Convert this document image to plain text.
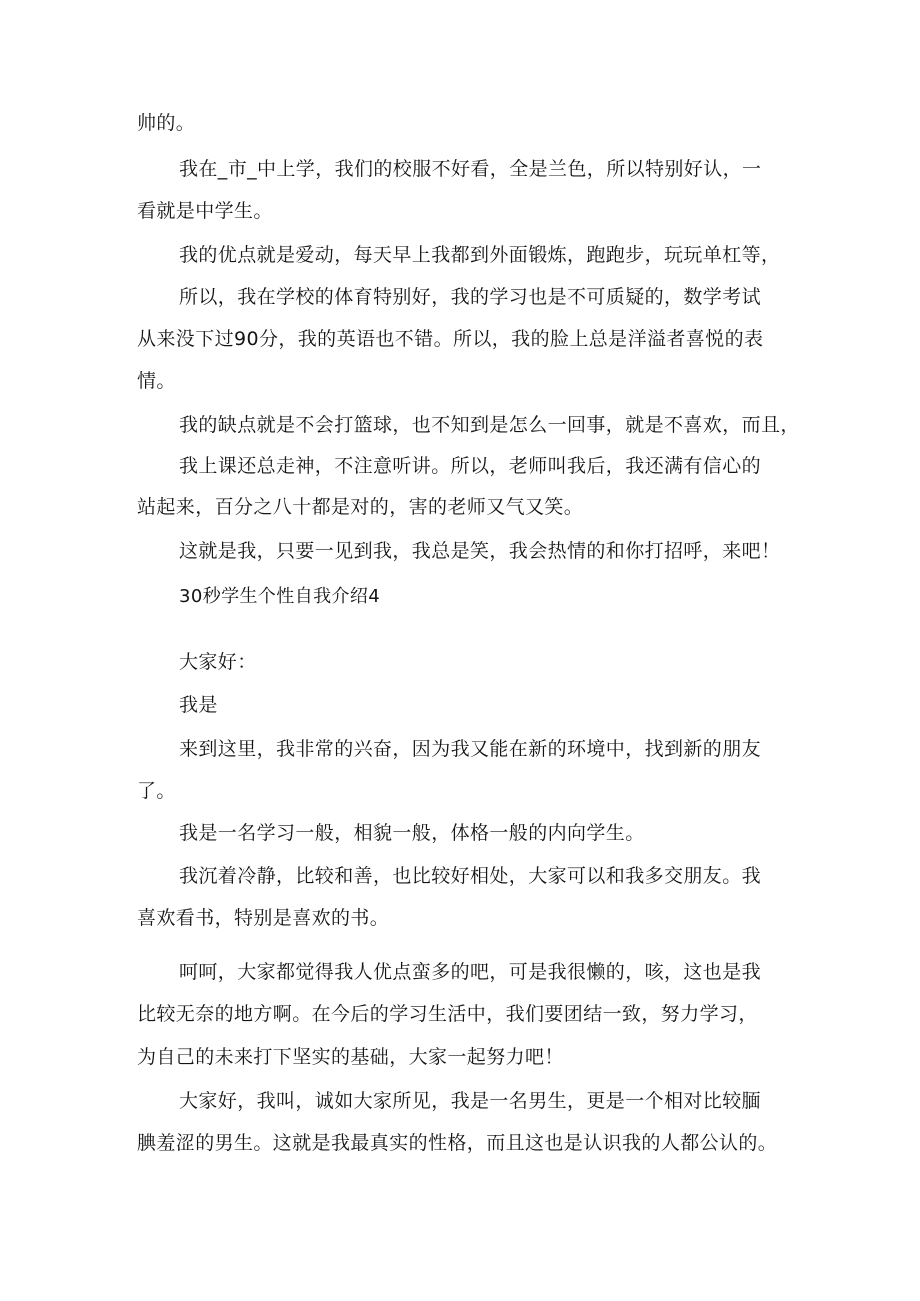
帅的。
我在_市_中上学，我们的校服不好看，全是兰色，所以特别好认，一
看就是中学生。
我的优点就是爱动，每天早上我都到外面锻炼，跑跑步，玩玩单杠等，
所以，我在学校的体育特别好，我的学习也是不可质疑的，数学考试
从来没下过90分，我的英语也不错。所以，我的脸上总是洋溢者喜悦的表
情。
我的缺点就是不会打篮球，也不知到是怎么一回事，就是不喜欢，而且，
我上课还总走神，不注意听讲。所以，老师叫我后，我还满有信心的
站起来，百分之八十都是对的，害的老师又气又笑。
这就是我，只要一见到我，我总是笑，我会热情的和你打招呼，来吧！
30秒学生个性自我介绍4
大家好：
我是
来到这里，我非常的兴奋，因为我又能在新的环境中，找到新的朋友
了。
我是一名学习一般，相貌一般，体格一般的内向学生。
我沉着冷静，比较和善，也比较好相处，大家可以和我多交朋友。我
喜欢看书，特别是喜欢的书。
呵呵，大家都觉得我人优点蛮多的吧，可是我很懒的，咳，这也是我
比较无奈的地方啊。在今后的学习生活中，我们要团结一致，努力学习，
为自己的未来打下坚实的基础，大家一起努力吧！
大家好，我叫，诚如大家所见，我是一名男生，更是一个相对比较腼
腆羞涩的男生。这就是我最真实的性格，而且这也是认识我的人都公认的。
